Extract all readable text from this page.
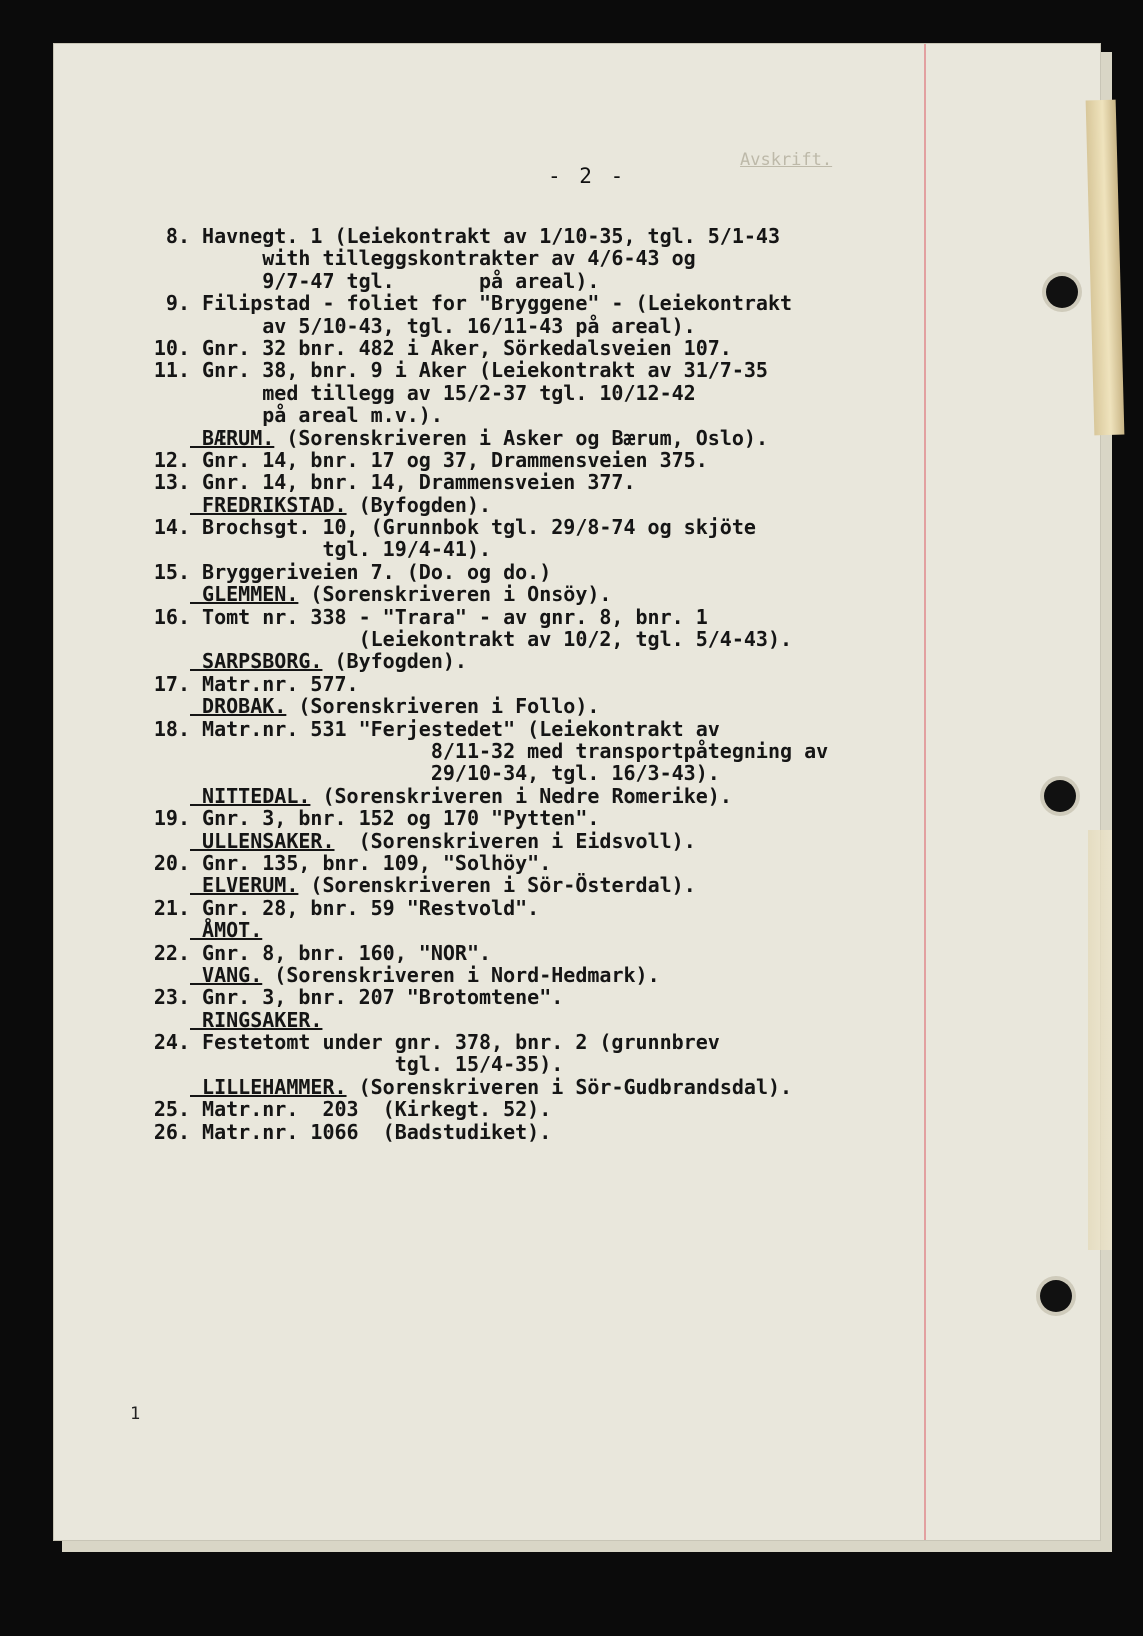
Avskrift.
- 2 -
8. Havnegt. 1 (Leiekontrakt av 1/10-35, tgl. 5/1-43
with tilleggskontrakter av 4/6-43 og
9/7-47 tgl.       på areal).
9. Filipstad - foliet for "Bryggene" - (Leiekontrakt
av 5/10-43, tgl. 16/11-43 på areal).
10. Gnr. 32 bnr. 482 i Aker, Sörkedalsveien 107.
11. Gnr. 38, bnr. 9 i Aker (Leiekontrakt av 31/7-35
med tillegg av 15/2-37 tgl. 10/12-42
på areal m.v.).
BÆRUM. (Sorenskriveren i Asker og Bærum, Oslo).
12. Gnr. 14, bnr. 17 og 37, Drammensveien 375.
13. Gnr. 14, bnr. 14, Drammensveien 377.
FREDRIKSTAD. (Byfogden).
14. Brochsgt. 10, (Grunnbok tgl. 29/8-74 og skjöte
tgl. 19/4-41).
15. Bryggeriveien 7. (Do. og do.)
GLEMMEN. (Sorenskriveren i Onsöy).
16. Tomt nr. 338 - "Trara" - av gnr. 8, bnr. 1
(Leiekontrakt av 10/2, tgl. 5/4-43).
SARPSBORG. (Byfogden).
17. Matr.nr. 577.
DROBAK. (Sorenskriveren i Follo).
18. Matr.nr. 531 "Ferjestedet" (Leiekontrakt av
8/11-32 med transportpåtegning av
29/10-34, tgl. 16/3-43).
NITTEDAL. (Sorenskriveren i Nedre Romerike).
19. Gnr. 3, bnr. 152 og 170 "Pytten".
ULLENSAKER.  (Sorenskriveren i Eidsvoll).
20. Gnr. 135, bnr. 109, "Solhöy".
ELVERUM. (Sorenskriveren i Sör-Österdal).
21. Gnr. 28, bnr. 59 "Restvold".
ÅMOT.
22. Gnr. 8, bnr. 160, "NOR".
VANG. (Sorenskriveren i Nord-Hedmark).
23. Gnr. 3, bnr. 207 "Brotomtene".
RINGSAKER.
24. Festetomt under gnr. 378, bnr. 2 (grunnbrev
tgl. 15/4-35).
LILLEHAMMER. (Sorenskriveren i Sör-Gudbrandsdal).
25. Matr.nr.  203  (Kirkegt. 52).
26. Matr.nr. 1066  (Badstudiket).
1
